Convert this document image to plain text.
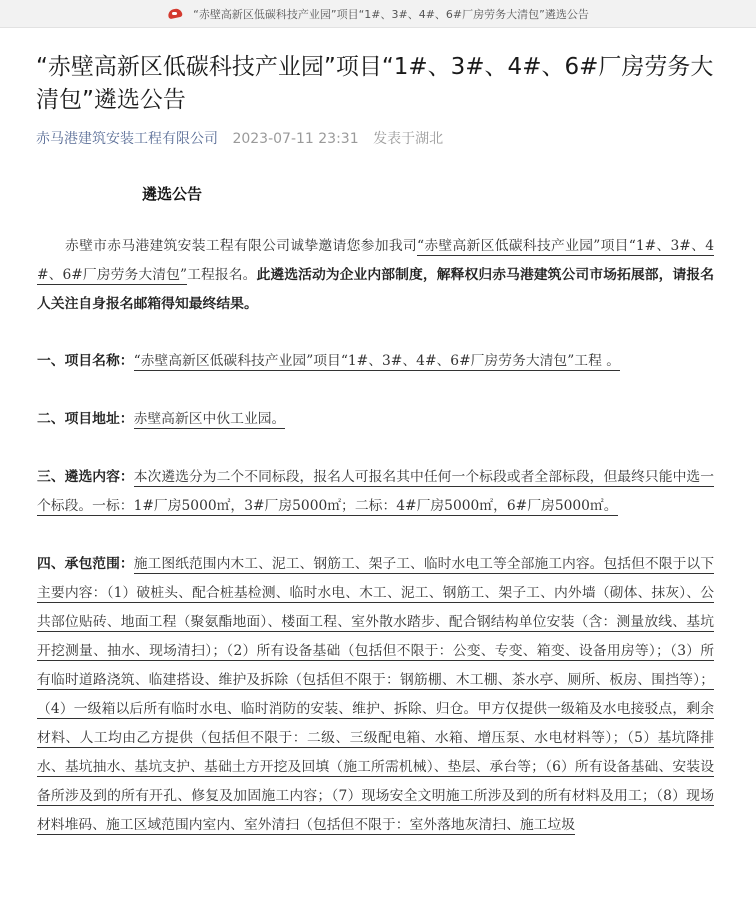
“赤壁高新区低碳科技产业园”项目“1#、3#、4#、6#厂房劳务大清包”遴选公告
“赤壁高新区低碳科技产业园”项目“1#、3#、4#、6#厂房劳务大清包”遴选公告
赤马港建筑安装工程有限公司 2023-07-11 23:31 发表于湖北
遴选公告

赤壁市赤马港建筑安装工程有限公司诚挚邀请您参加我司“赤壁高新区低碳科技产业园”项目“1#、3#、4#、6#厂房劳务大清包”工程报名。此遴选活动为企业内部制度，解释权归赤马港建筑公司市场拓展部，请报名人关注自身报名邮箱得知最终结果。

一、项目名称：“赤壁高新区低碳科技产业园”项目“1#、3#、4#、6#厂房劳务大清包”工程 。

二、项目地址：赤壁高新区中伙工业园。

三、遴选内容：本次遴选分为二个不同标段，报名人可报名其中任何一个标段或者全部标段，但最终只能中选一个标段。一标：1#厂房5000㎡，3#厂房5000㎡；二标：4#厂房5000㎡，6#厂房5000㎡。

四、承包范围：施工图纸范围内木工、泥工、钢筋工、架子工、临时水电工等全部施工内容。包括但不限于以下主要内容：（1）破桩头、配合桩基检测、临时水电、木工、泥工、钢筋工、架子工、内外墙（砌体、抹灰）、公共部位贴砖、地面工程（聚氨酯地面）、楼面工程、室外散水踏步、配合钢结构单位安装（含：测量放线、基坑开挖测量、抽水、现场清扫）；（2）所有设备基础（包括但不限于：公变、专变、箱变、设备用房等）；（3）所有临时道路浇筑、临建搭设、维护及拆除（包括但不限于：钢筋棚、木工棚、茶水亭、厕所、板房、围挡等）；（4）一级箱以后所有临时水电、临时消防的安装、维护、拆除、归仓。甲方仅提供一级箱及水电接驳点，剩余材料、人工均由乙方提供（包括但不限于：二级、三级配电箱、水箱、增压泵、水电材料等）；（5）基坑降排水、基坑抽水、基坑支护、基础土方开挖及回填（施工所需机械）、垫层、承台等；（6）所有设备基础、安装设备所涉及到的所有开孔、修复及加固施工内容；（7）现场安全文明施工所涉及到的所有材料及用工；（8）现场材料堆码、施工区域范围内室内、室外清扫（包括但不限于：室外落地灰清扫、施工垃圾
